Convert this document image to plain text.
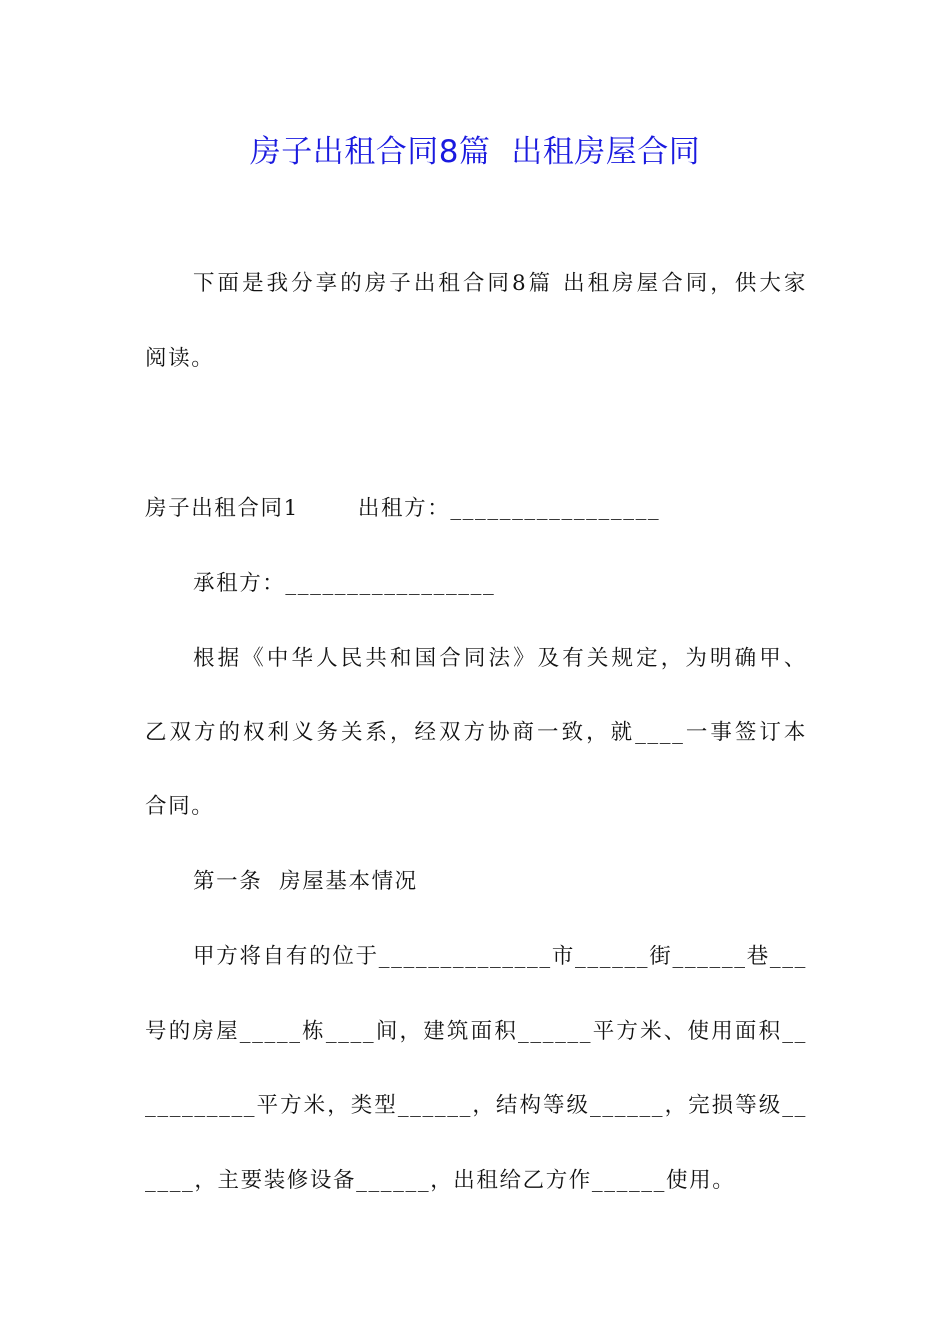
房子出租合同8篇  出租房屋合同
下面是我分享的房子出租合同8篇 出租房屋合同，供大家
阅读。
房子出租合同1       出租方：_________________
承租方：_________________
根据《中华人民共和国合同法》及有关规定，为明确甲、
乙双方的权利义务关系，经双方协商一致，就____一事签订本
合同。
第一条  房屋基本情况
甲方将自有的位于______________市______街______巷___
号的房屋_____栋____间，建筑面积______平方米、使用面积__
_________平方米，类型______，结构等级______，完损等级__
____，主要装修设备______，出租给乙方作______使用。
